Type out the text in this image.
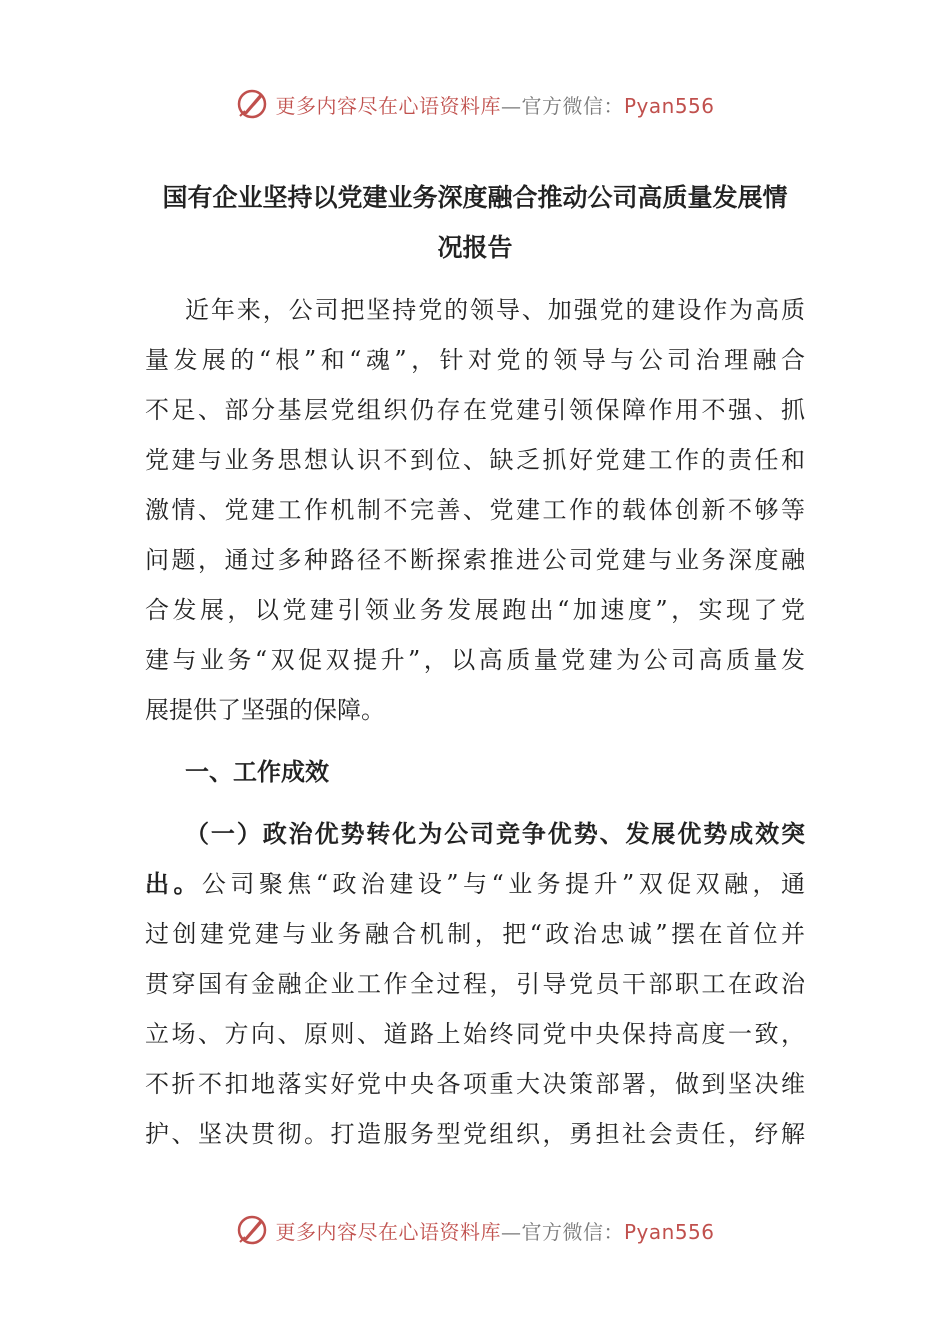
更多内容尽在心语资料库—官方微信：Pyan556
国有企业坚持以党建业务深度融合推动公司高质量发展情
况报告
近年来，公司把坚持党的领导、加强党的建设作为高质
量发展的“根”和“魂”，针对党的领导与公司治理融合
不足、部分基层党组织仍存在党建引领保障作用不强、抓
党建与业务思想认识不到位、缺乏抓好党建工作的责任和
激情、党建工作机制不完善、党建工作的载体创新不够等
问题，通过多种路径不断探索推进公司党建与业务深度融
合发展，以党建引领业务发展跑出“加速度”，实现了党
建与业务“双促双提升”，以高质量党建为公司高质量发
展提供了坚强的保障。
一、工作成效
（一）政治优势转化为公司竞争优势、发展优势成效突
出。公司聚焦“政治建设”与“业务提升”双促双融，通
过创建党建与业务融合机制，把“政治忠诚”摆在首位并
贯穿国有金融企业工作全过程，引导党员干部职工在政治
立场、方向、原则、道路上始终同党中央保持高度一致，
不折不扣地落实好党中央各项重大决策部署，做到坚决维
护、坚决贯彻。打造服务型党组织，勇担社会责任，纾解
更多内容尽在心语资料库—官方微信：Pyan556
